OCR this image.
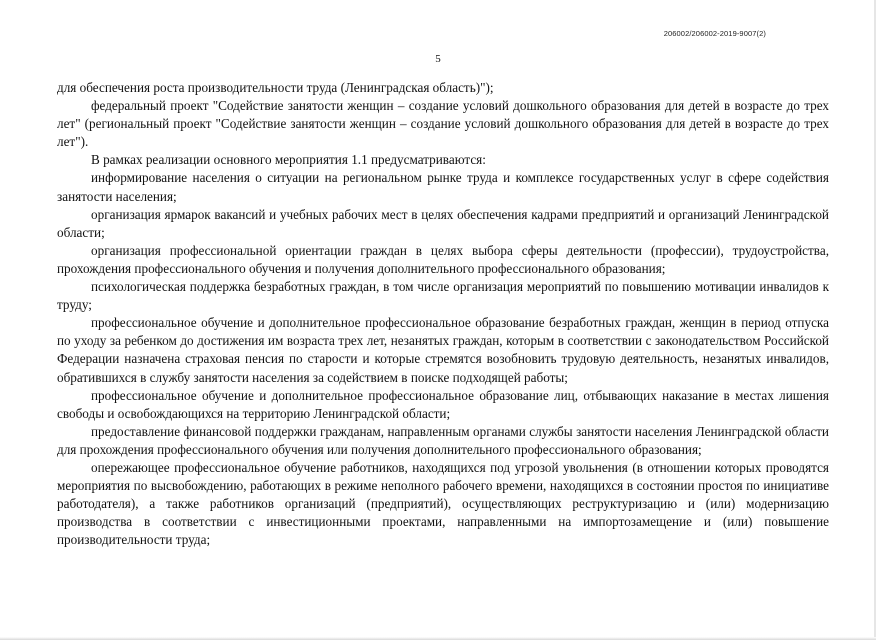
206002/206002-2019-9007(2)
5

для обеспечения роста производительности труда (Ленинградская область)");

федеральный проект "Содействие занятости женщин – создание условий дошкольного образования для детей в возрасте до трех лет" (региональный проект "Содействие занятости женщин – создание условий дошкольного образования для детей в возрасте до трех лет").

В рамках реализации основного мероприятия 1.1 предусматриваются:

информирование населения о ситуации на региональном рынке труда и комплексе государственных услуг в сфере содействия занятости населения;

организация ярмарок вакансий и учебных рабочих мест в целях обеспечения кадрами предприятий и организаций Ленинградской области;

организация профессиональной ориентации граждан в целях выбора сферы деятельности (профессии), трудоустройства, прохождения профессионального обучения и получения дополнительного профессионального образования;

психологическая поддержка безработных граждан, в том числе организация мероприятий по повышению мотивации инвалидов к труду;

профессиональное обучение и дополнительное профессиональное образование безработных граждан, женщин в период отпуска по уходу за ребенком до достижения им возраста трех лет, незанятых граждан, которым в соответствии с законодательством Российской Федерации назначена страховая пенсия по старости и которые стремятся возобновить трудовую деятельность, незанятых инвалидов, обратившихся в службу занятости населения за содействием в поиске подходящей работы;

профессиональное обучение и дополнительное профессиональное образование лиц, отбывающих наказание в местах лишения свободы и освобождающихся на территорию Ленинградской области;

предоставление финансовой поддержки гражданам, направленным органами службы занятости населения Ленинградской области для прохождения профессионального обучения или получения дополнительного профессионального образования;

опережающее профессиональное обучение работников, находящихся под угрозой увольнения (в отношении которых проводятся мероприятия по высвобождению, работающих в режиме неполного рабочего времени, находящихся в состоянии простоя по инициативе работодателя), а также работников организаций (предприятий), осуществляющих реструктуризацию и (или) модернизацию производства в соответствии с инвестиционными проектами, направленными на импортозамещение и (или) повышение производительности труда;
